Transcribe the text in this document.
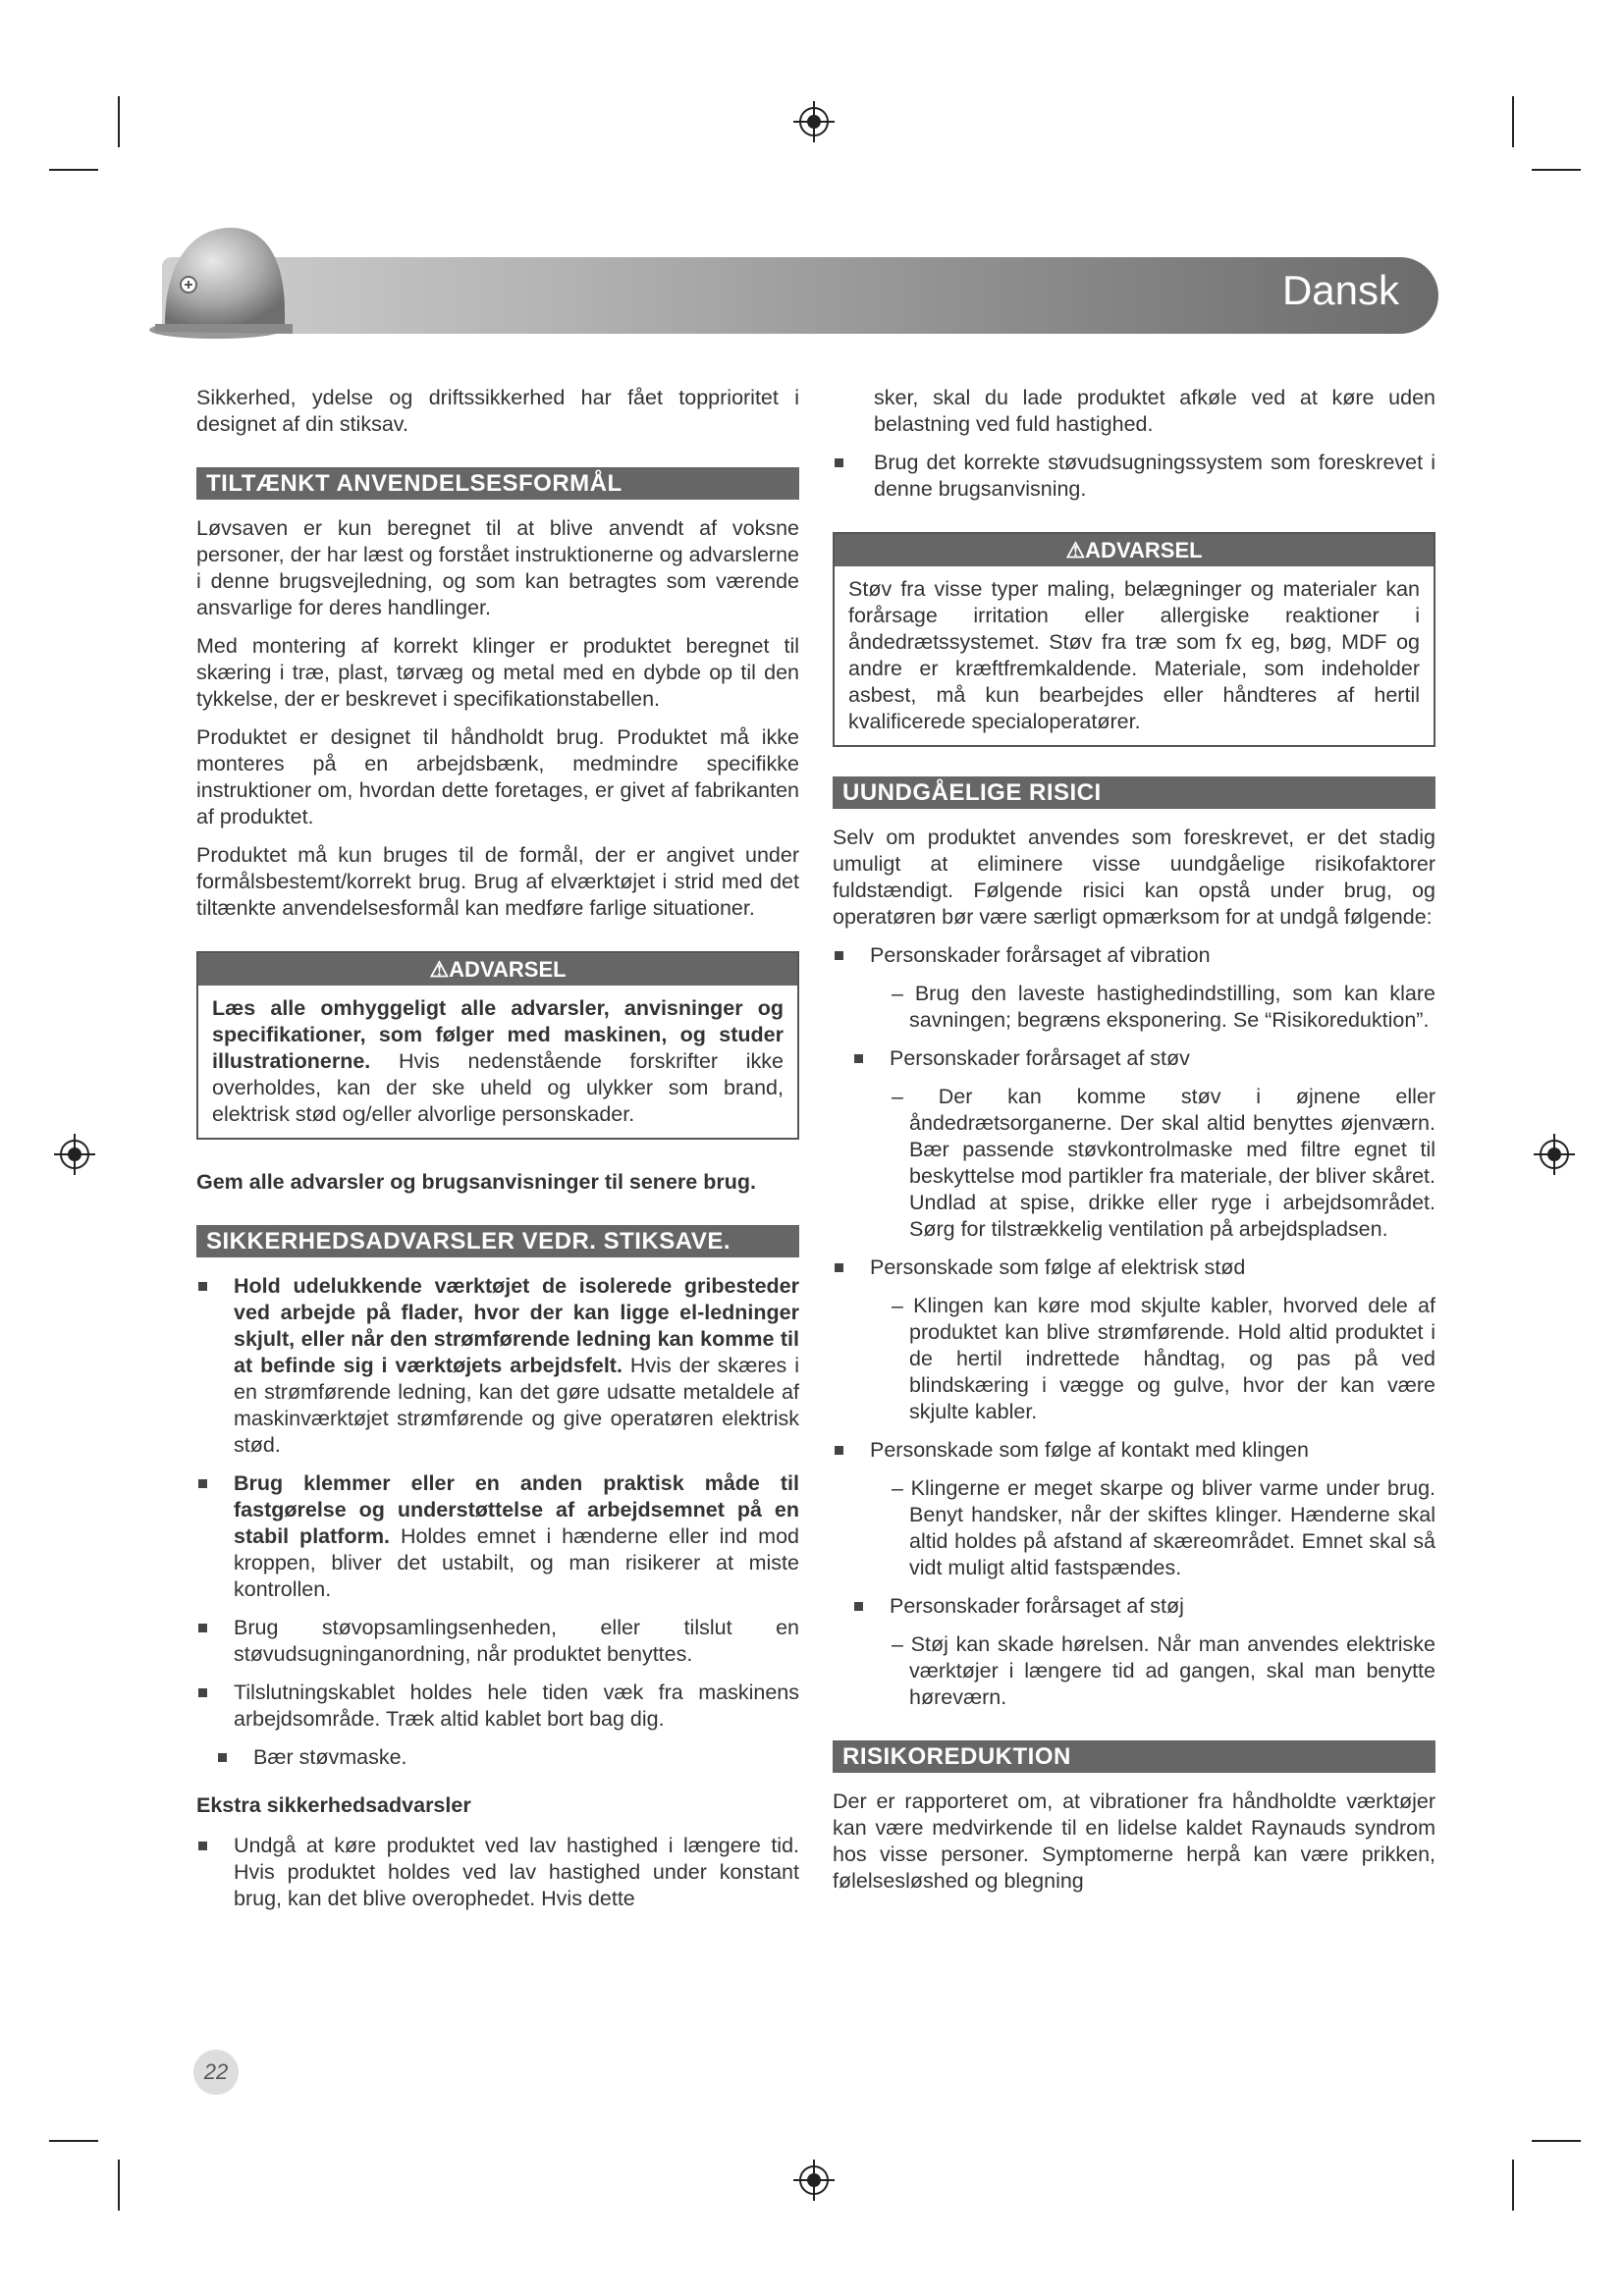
Dansk

Sikkerhed, ydelse og driftssikkerhed har fået topprioritet i designet af din stiksav.

TILTÆNKT ANVENDELSESFORMÅL

Løvsaven er kun beregnet til at blive anvendt af voksne personer, der har læst og forstået instruktionerne og advarslerne i denne brugsvejledning, og som kan betragtes som værende ansvarlige for deres handlinger.

Med montering af korrekt klinger er produktet beregnet til skæring i træ, plast, tørvæg og metal med en dybde op til den tykkelse, der er beskrevet i specifikationstabellen.

Produktet er designet til håndholdt brug. Produktet må ikke monteres på en arbejdsbænk, medmindre specifikke instruktioner om, hvordan dette foretages, er givet af fabrikanten af produktet.

Produktet må kun bruges til de formål, der er angivet under formålsbestemt/korrekt brug. Brug af elværktøjet i strid med det tiltænkte anvendelsesformål kan medføre farlige situationer.

⚠ADVARSEL
Læs alle omhyggeligt alle advarsler, anvisninger og specifikationer, som følger med maskinen, og studer illustrationerne. Hvis nedenstående forskrifter ikke overholdes, kan der ske uheld og ulykker som brand, elektrisk stød og/eller alvorlige personskader.

Gem alle advarsler og brugsanvisninger til senere brug.

SIKKERHEDSADVARSLER VEDR. STIKSAVE.
Hold udelukkende værktøjet de isolerede gribesteder ved arbejde på flader, hvor der kan ligge el-ledninger skjult, eller når den strømførende ledning kan komme til at befinde sig i værktøjets arbejdsfelt. Hvis der skæres i en strømførende ledning, kan det gøre udsatte metaldele af maskinværktøjet strømførende og give operatøren elektrisk stød.
Brug klemmer eller en anden praktisk måde til fastgørelse og understøttelse af arbejdsemnet på en stabil platform. Holdes emnet i hænderne eller ind mod kroppen, bliver det ustabilt, og man risikerer at miste kontrollen.
Brug støvopsamlingsenheden, eller tilslut en støvudsugninganordning, når produktet benyttes.
Tilslutningskablet holdes hele tiden væk fra maskinens arbejdsområde. Træk altid kablet bort bag dig.
Bær støvmaske.
Ekstra sikkerhedsadvarsler
Undgå at køre produktet ved lav hastighed i længere tid. Hvis produktet holdes ved lav hastighed under konstant brug, kan det blive overophedet. Hvis dette

sker, skal du lade produktet afkøle ved at køre uden belastning ved fuld hastighed.

Brug det korrekte støvudsugningssystem som foreskrevet i denne brugsanvisning.
⚠ADVARSEL
Støv fra visse typer maling, belægninger og materialer kan forårsage irritation eller allergiske reaktioner i åndedrætssystemet. Støv fra træ som fx eg, bøg, MDF og andre er kræftfremkaldende. Materiale, som indeholder asbest, må kun bearbejdes eller håndteres af hertil kvalificerede specialoperatører.
UUNDGÅELIGE RISICI

Selv om produktet anvendes som foreskrevet, er det stadig umuligt at eliminere visse uundgåelige risikofaktorer fuldstændigt. Følgende risici kan opstå under brug, og operatøren bør være særligt opmærksom for at undgå følgende:

Personskader forårsaget af vibration
– Brug den laveste hastighedindstilling, som kan klare savningen; begræns eksponering. Se “Risikoreduktion”.
Personskader forårsaget af støv
– Der kan komme støv i øjnene eller åndedrætsorganerne. Der skal altid benyttes øjenværn. Bær passende støvkontrolmaske med filtre egnet til beskyttelse mod partikler fra materiale, der bliver skåret. Undlad at spise, drikke eller ryge i arbejdsområdet. Sørg for tilstrækkelig ventilation på arbejdspladsen.
Personskade som følge af elektrisk stød
– Klingen kan køre mod skjulte kabler, hvorved dele af produktet kan blive strømførende. Hold altid produktet i de hertil indrettede håndtag, og pas på ved blindskæring i vægge og gulve, hvor der kan være skjulte kabler.
Personskade som følge af kontakt med klingen
– Klingerne er meget skarpe og bliver varme under brug. Benyt handsker, når der skiftes klinger. Hænderne skal altid holdes på afstand af skæreområdet. Emnet skal så vidt muligt altid fastspændes.
Personskader forårsaget af støj
– Støj kan skade hørelsen. Når man anvendes elektriske værktøjer i længere tid ad gangen, skal man benytte høreværn.
RISIKOREDUKTION

Der er rapporteret om, at vibrationer fra håndholdte værktøjer kan være medvirkende til en lidelse kaldet Raynauds syndrom hos visse personer. Symptomerne herpå kan være prikken, følelsesløshed og blegning

22
